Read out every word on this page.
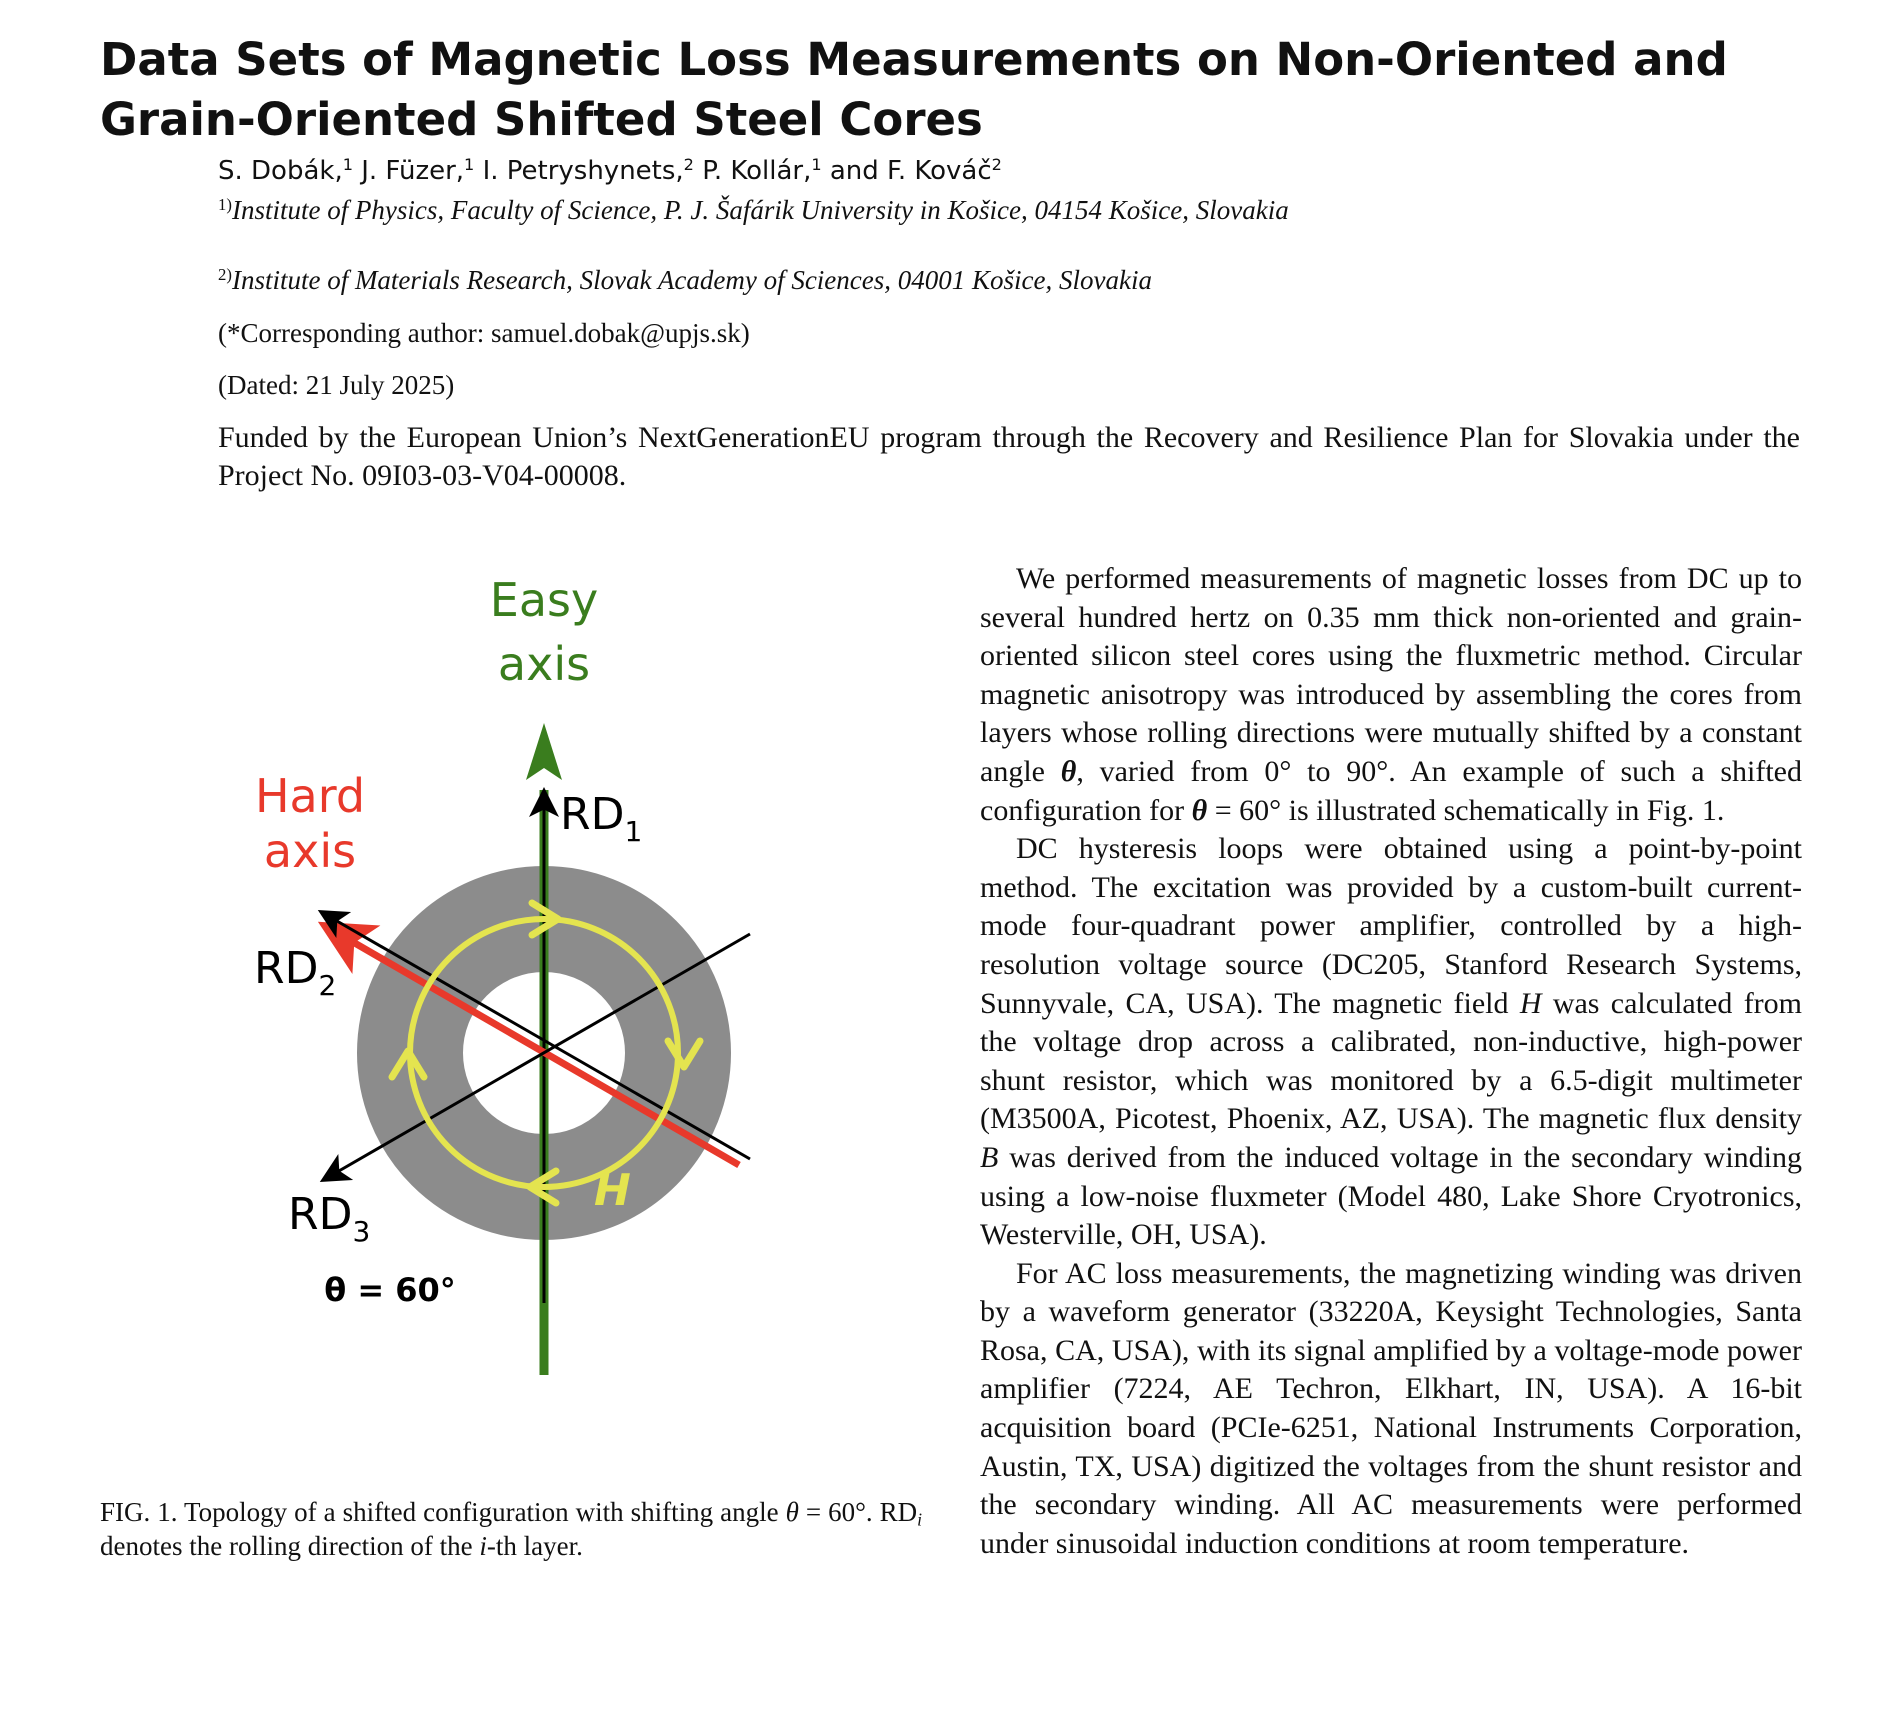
Data Sets of Magnetic Loss Measurements on Non-Oriented and Grain-Oriented Shifted Steel Cores
S. Dobák,$^1$ J. Füzer,$^1$ I. Petryshynets,$^2$ P. Kollár,$^1$ and F. Kováč$^2$
$^{1)}$Institute of Physics, Faculty of Science, P. J. Šafárik University in Košice, 04154 Košice, Slovakia
$^{2)}$Institute of Materials Research, Slovak Academy of Sciences, 04001 Košice, Slovakia
(*Corresponding author: samuel.dobak@upjs.sk)
(Dated: 21 July 2025)
Funded by the European Union’s NextGenerationEU program through the Recovery and Resilience Plan for Slovakia under the Project No. 09I03-03-V04-00008.
Easy
axis
Hard
axis
$RD_1$
$RD_2$
$RD_3$
H
θ = 60°
FIG. 1. Topology of a shifted configuration with shifting angle θ = 60°. $RD_i$ denotes the rolling direction of the i-th layer.

We performed measurements of magnetic losses from DC up to several hundred hertz on 0.35 mm thick non-oriented and grain-oriented silicon steel cores using the fluxmetric method. Circular magnetic anisotropy was introduced by assembling the cores from layers whose rolling directions were mutually shifted by a constant angle θ, varied from 0° to 90°. An example of such a shifted configuration for θ = 60° is illustrated schematically in Fig. 1.

DC hysteresis loops were obtained using a point-by-point method. The excitation was provided by a custom-built current-mode four-quadrant power amplifier, controlled by a high-resolution voltage source (DC205, Stanford Research Systems, Sunnyvale, CA, USA). The magnetic field H was calculated from the voltage drop across a calibrated, non-inductive, high-power shunt resistor, which was monitored by a 6.5-digit multimeter (M3500A, Picotest, Phoenix, AZ, USA). The magnetic flux density B was derived from the induced voltage in the secondary winding using a low-noise fluxmeter (Model 480, Lake Shore Cryotronics, Westerville, OH, USA).

For AC loss measurements, the magnetizing winding was driven by a waveform generator (33220A, Keysight Technologies, Santa Rosa, CA, USA), with its signal amplified by a voltage-mode power amplifier (7224, AE Techron, Elkhart, IN, USA). A 16-bit acquisition board (PCIe-6251, National Instruments Corporation, Austin, TX, USA) digitized the voltages from the shunt resistor and the secondary winding. All AC measurements were performed under sinusoidal induction conditions at room temperature.
